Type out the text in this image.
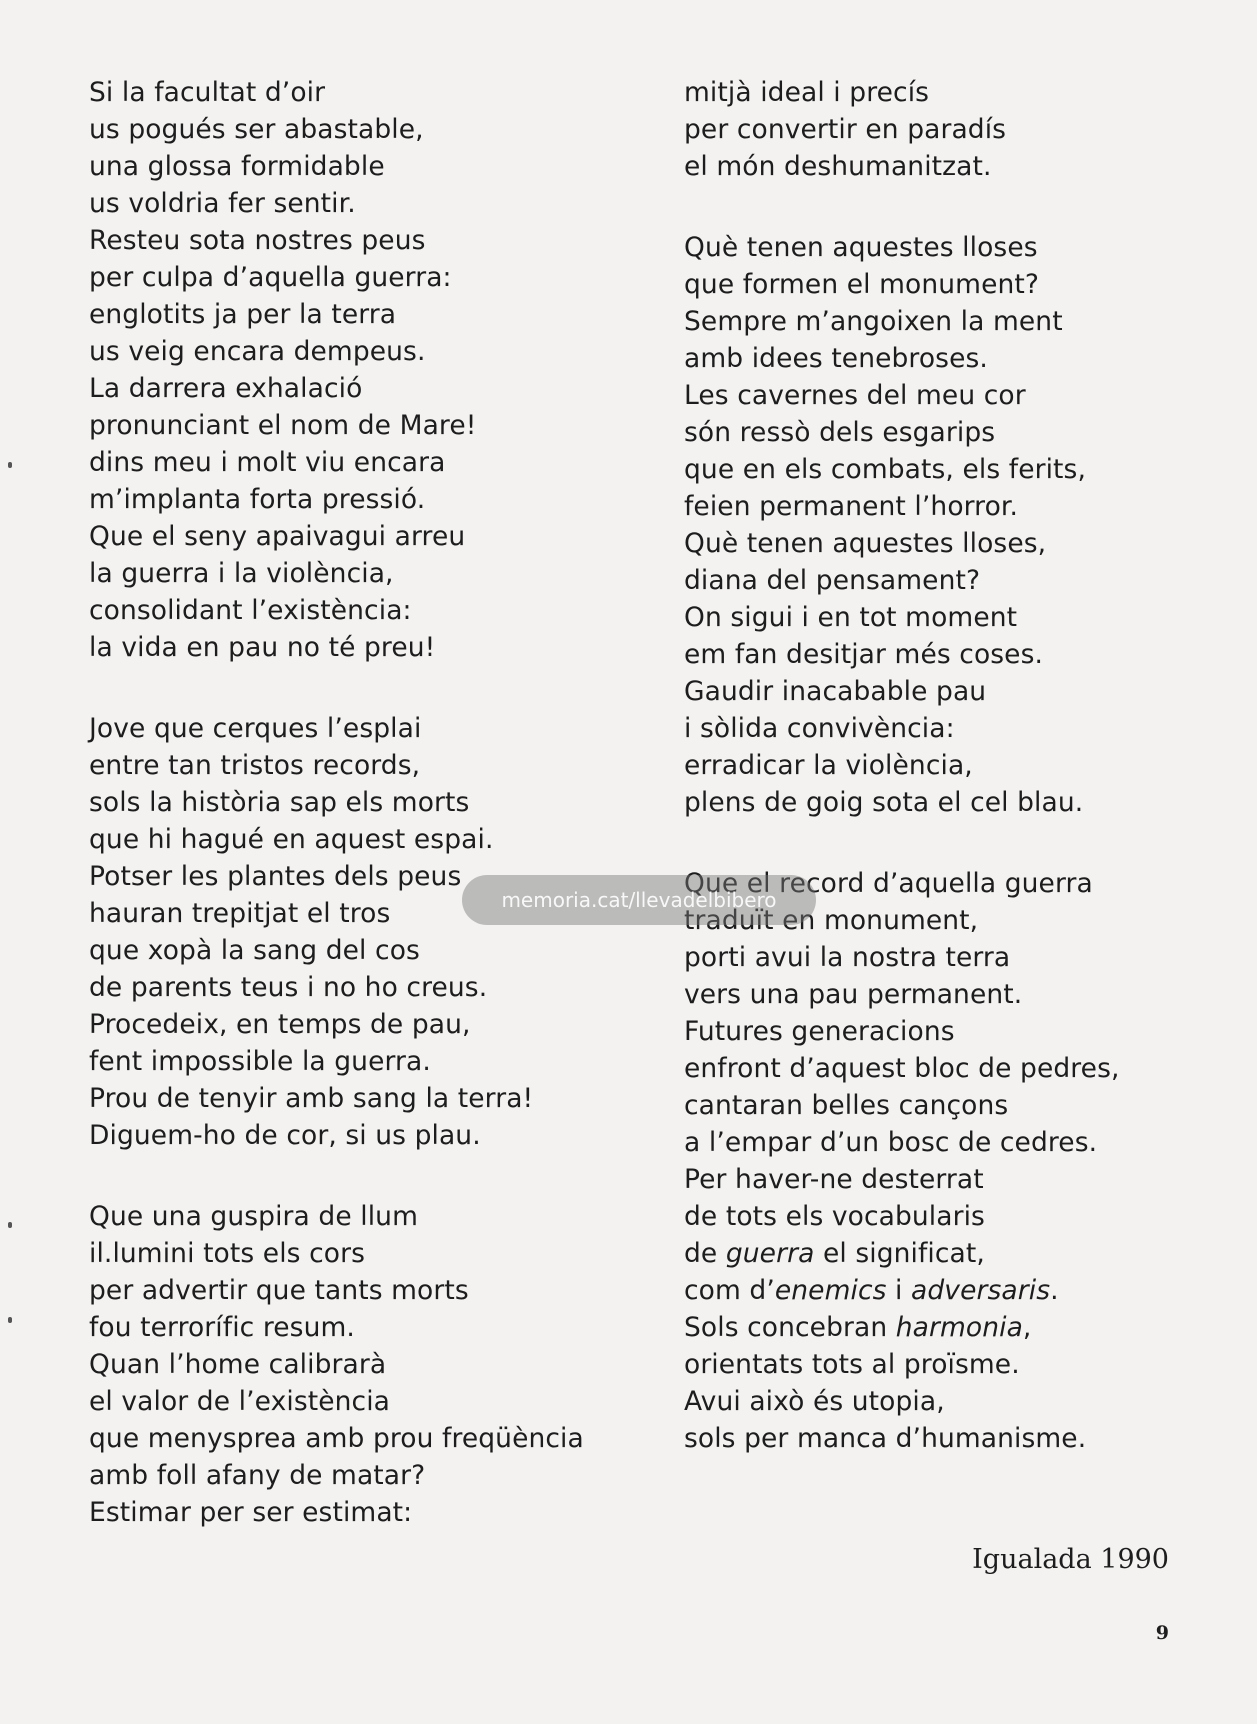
Si la facultat d’oir
us pogués ser abastable,
una glossa formidable
us voldria fer sentir.
Resteu sota nostres peus
per culpa d’aquella guerra:
englotits ja per la terra
us veig encara dempeus.
La darrera exhalació
pronunciant el nom de Mare!
dins meu i molt viu encara
m’implanta forta pressió.
Que el seny apaivagui arreu
la guerra i la violència,
consolidant l’existència:
la vida en pau no té preu!
Jove que cerques l’esplai
entre tan tristos records,
sols la història sap els morts
que hi hagué en aquest espai.
Potser les plantes dels peus
hauran trepitjat el tros
que xopà la sang del cos
de parents teus i no ho creus.
Procedeix, en temps de pau,
fent impossible la guerra.
Prou de tenyir amb sang la terra!
Diguem-ho de cor, si us plau.
Que una guspira de llum
il.lumini tots els cors
per advertir que tants morts
fou terrorífic resum.
Quan l’home calibrarà
el valor de l’existència
que menysprea amb prou freqüència
amb foll afany de matar?
Estimar per ser estimat:
mitjà ideal i precís
per convertir en paradís
el món deshumanitzat.
Què tenen aquestes lloses
que formen el monument?
Sempre m’angoixen la ment
amb idees tenebroses.
Les cavernes del meu cor
són ressò dels esgarips
que en els combats, els ferits,
feien permanent l’horror.
Què tenen aquestes lloses,
diana del pensament?
On sigui i en tot moment
em fan desitjar més coses.
Gaudir inacabable pau
i sòlida convivència:
erradicar la violència,
plens de goig sota el cel blau.
Que el record d’aquella guerra
traduït en monument,
porti avui la nostra terra
vers una pau permanent.
Futures generacions
enfront d’aquest bloc de pedres,
cantaran belles cançons
a l’empar d’un bosc de cedres.
Per haver-ne desterrat
de tots els vocabularis
de guerra el significat,
com d’enemics i adversaris.
Sols concebran harmonia,
orientats tots al proïsme.
Avui això és utopia,
sols per manca d’humanisme.
Igualada 1990
9
memoria.cat/llevadelbibero
